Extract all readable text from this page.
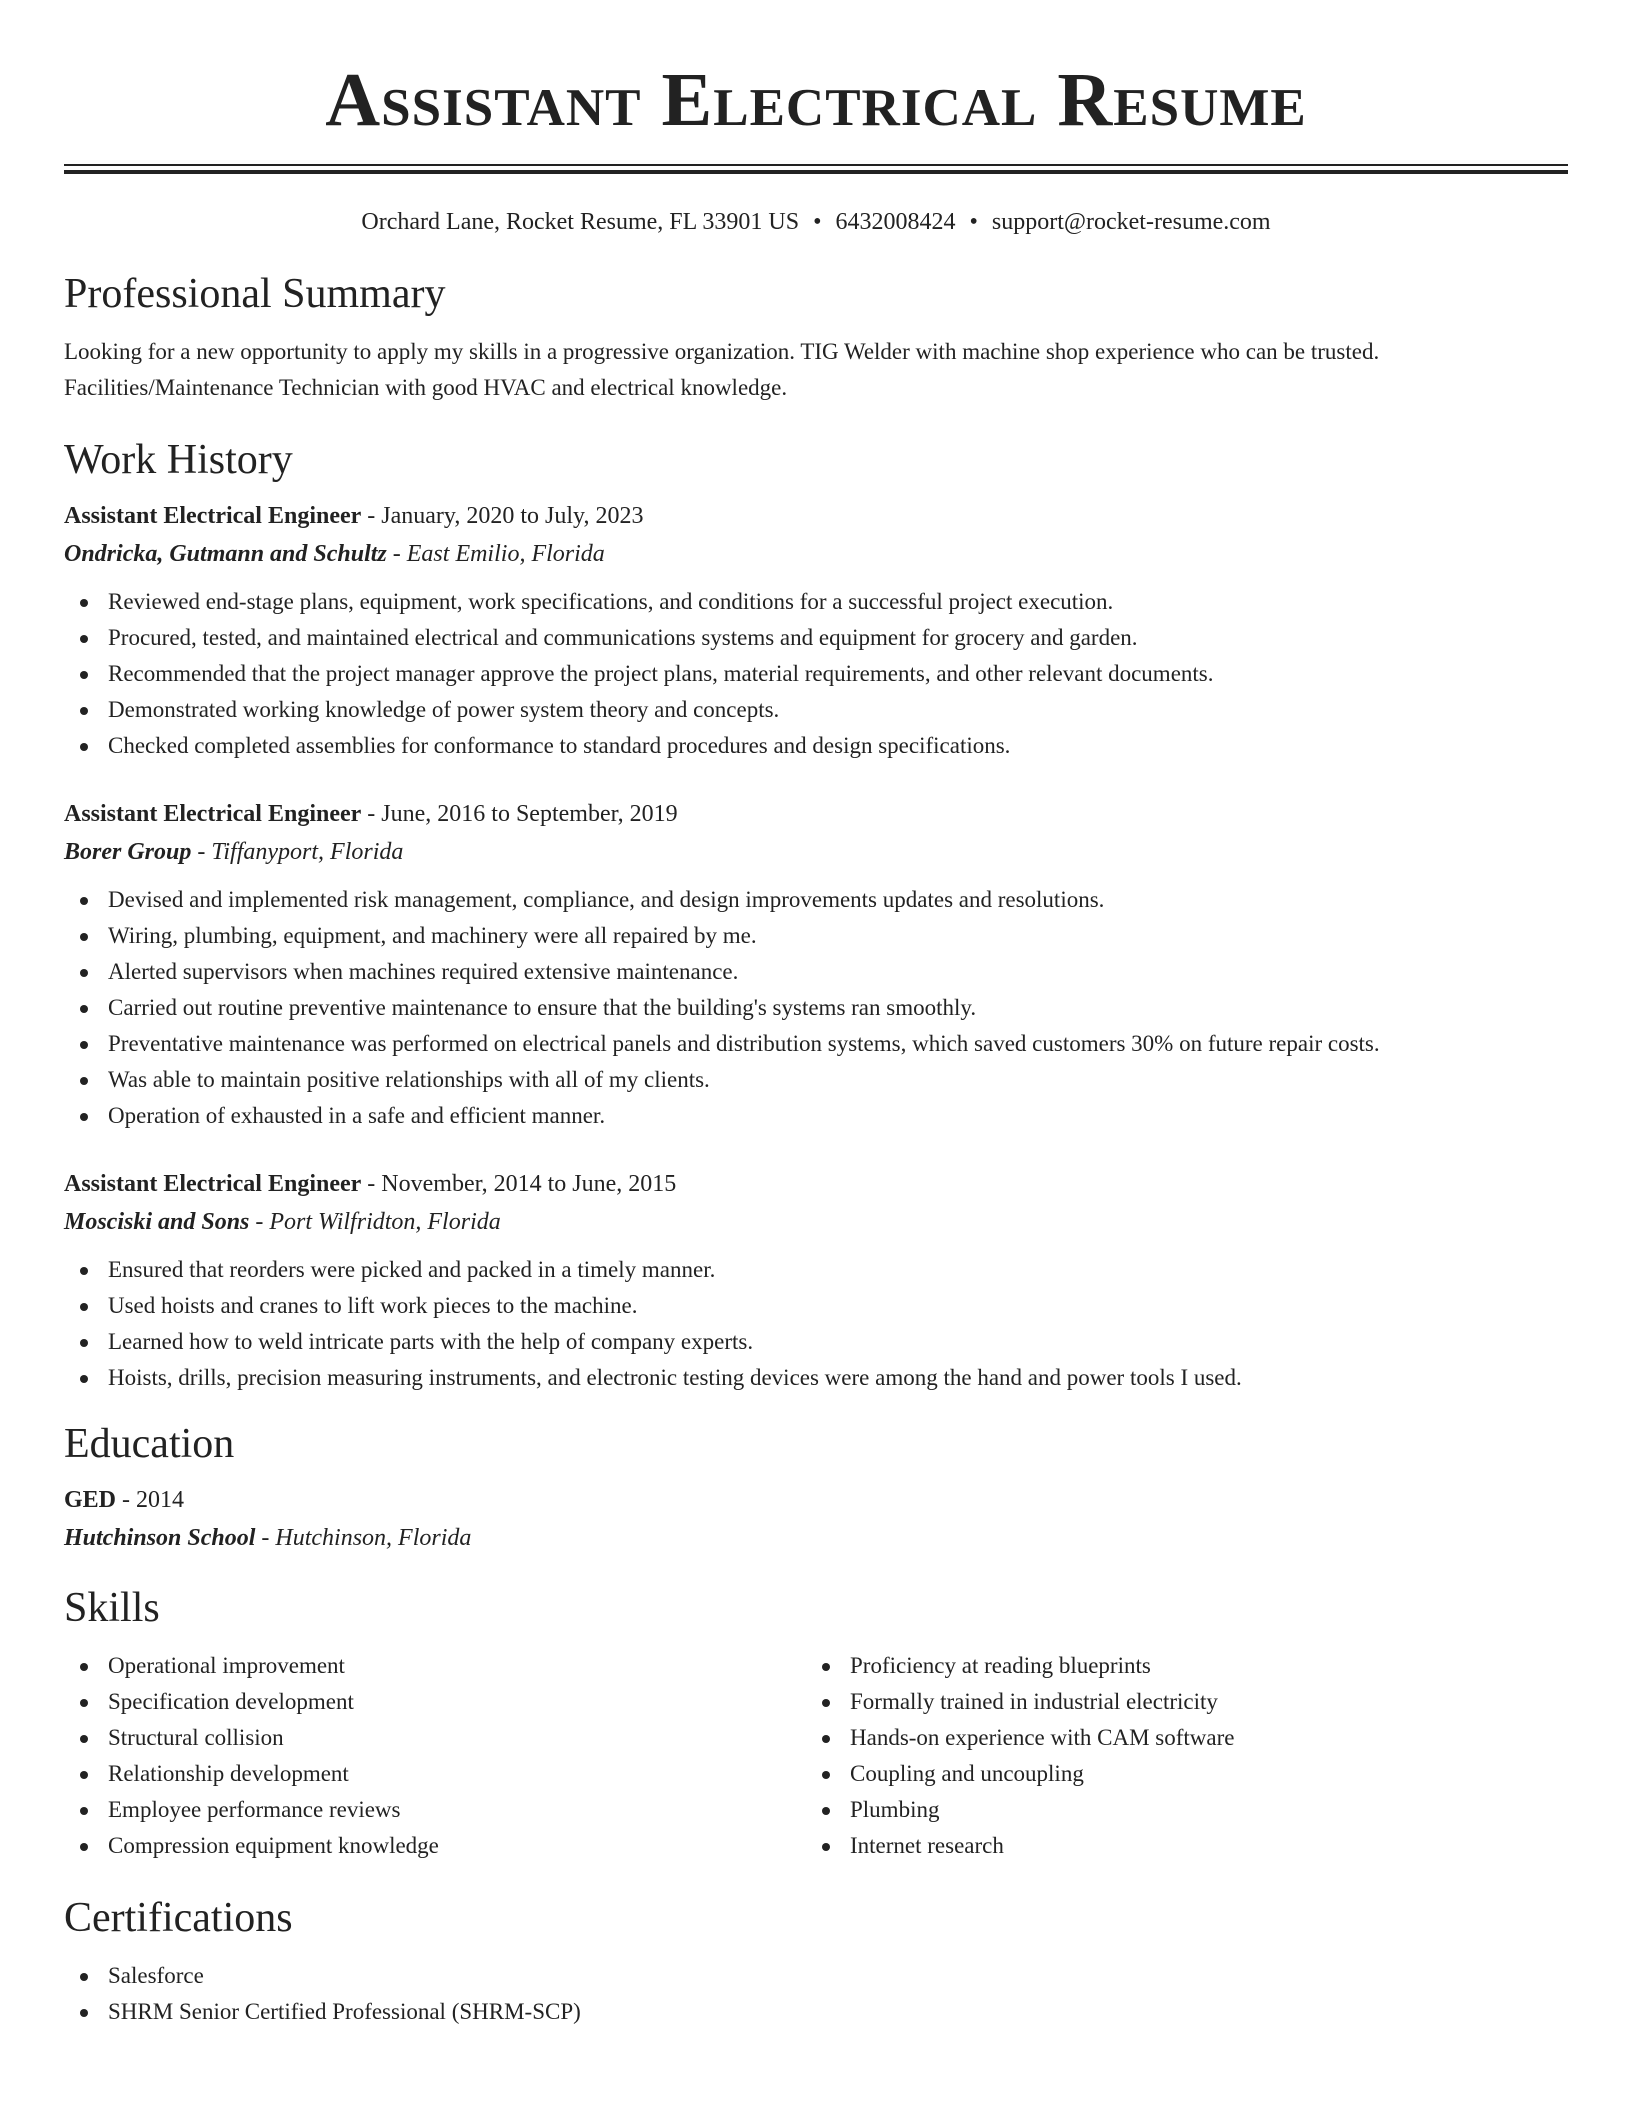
Assistant Electrical Resume
Orchard Lane, Rocket Resume, FL 33901 US • 6432008424 • support@rocket-resume.com
Professional Summary

Looking for a new opportunity to apply my skills in a progressive organization. TIG Welder with machine shop experience who can be trusted. Facilities/Maintenance Technician with good HVAC and electrical knowledge.

Work History
Assistant Electrical Engineer - January, 2020 to July, 2023
Ondricka, Gutmann and Schultz - East Emilio, Florida
Reviewed end-stage plans, equipment, work specifications, and conditions for a successful project execution.
Procured, tested, and maintained electrical and communications systems and equipment for grocery and garden.
Recommended that the project manager approve the project plans, material requirements, and other relevant documents.
Demonstrated working knowledge of power system theory and concepts.
Checked completed assemblies for conformance to standard procedures and design specifications.
Assistant Electrical Engineer - June, 2016 to September, 2019
Borer Group - Tiffanyport, Florida
Devised and implemented risk management, compliance, and design improvements updates and resolutions.
Wiring, plumbing, equipment, and machinery were all repaired by me.
Alerted supervisors when machines required extensive maintenance.
Carried out routine preventive maintenance to ensure that the building's systems ran smoothly.
Preventative maintenance was performed on electrical panels and distribution systems, which saved customers 30% on future repair costs.
Was able to maintain positive relationships with all of my clients.
Operation of exhausted in a safe and efficient manner.
Assistant Electrical Engineer - November, 2014 to June, 2015
Mosciski and Sons - Port Wilfridton, Florida
Ensured that reorders were picked and packed in a timely manner.
Used hoists and cranes to lift work pieces to the machine.
Learned how to weld intricate parts with the help of company experts.
Hoists, drills, precision measuring instruments, and electronic testing devices were among the hand and power tools I used.
Education
GED - 2014
Hutchinson School - Hutchinson, Florida
Skills
Operational improvement
Specification development
Structural collision
Relationship development
Employee performance reviews
Compression equipment knowledge
Proficiency at reading blueprints
Formally trained in industrial electricity
Hands-on experience with CAM software
Coupling and uncoupling
Plumbing
Internet research
Certifications
Salesforce
SHRM Senior Certified Professional (SHRM-SCP)
